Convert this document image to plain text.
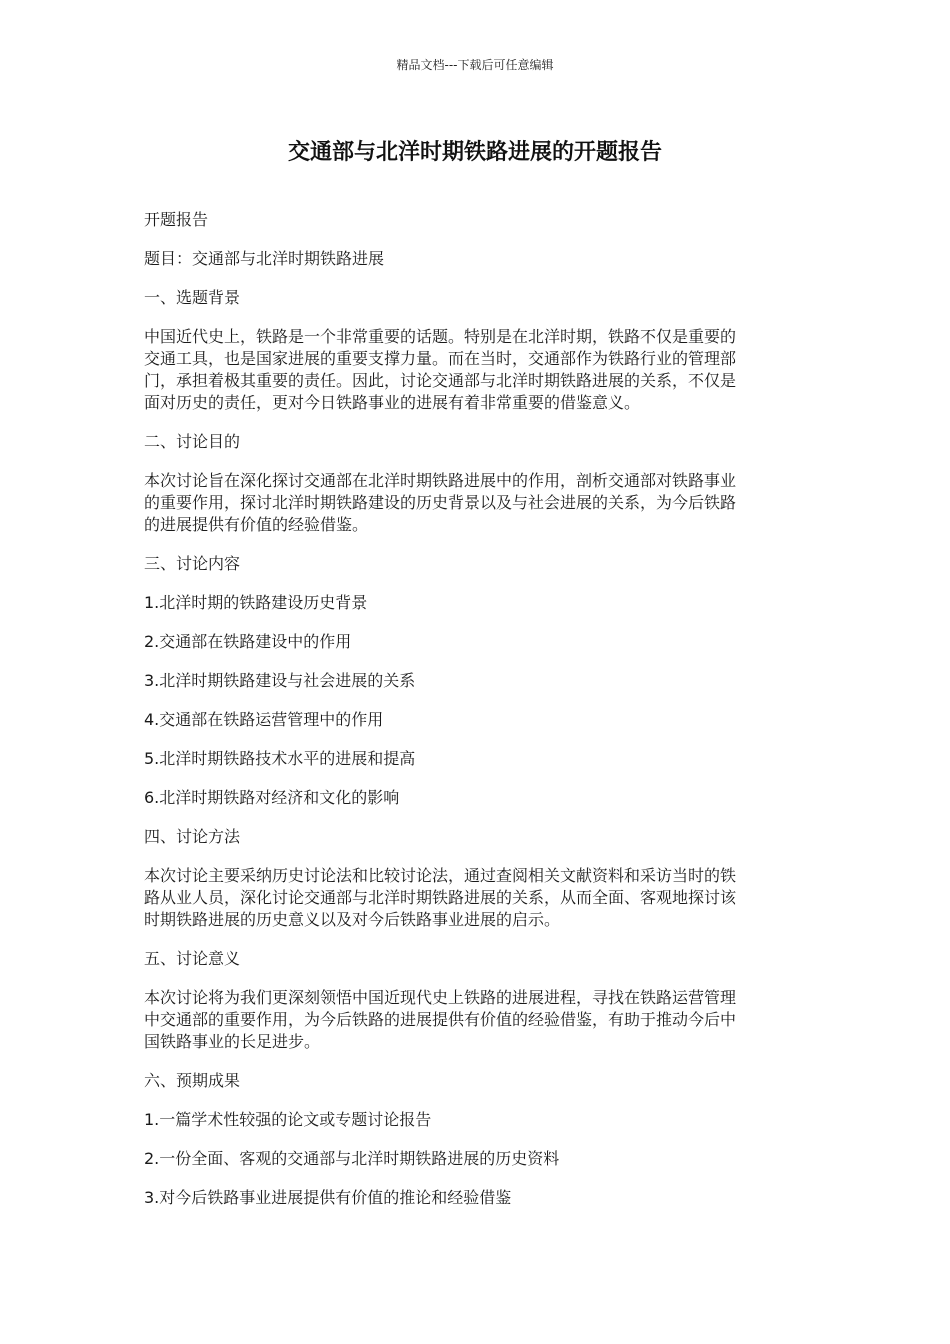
精品文档---下载后可任意编辑
交通部与北洋时期铁路进展的开题报告

开题报告

题目：交通部与北洋时期铁路进展

一、选题背景

中国近代史上，铁路是一个非常重要的话题。特别是在北洋时期，铁路不仅是重要的
交通工具，也是国家进展的重要支撑力量。而在当时，交通部作为铁路行业的管理部
门，承担着极其重要的责任。因此，讨论交通部与北洋时期铁路进展的关系，不仅是
面对历史的责任，更对今日铁路事业的进展有着非常重要的借鉴意义。

二、讨论目的

本次讨论旨在深化探讨交通部在北洋时期铁路进展中的作用，剖析交通部对铁路事业
的重要作用，探讨北洋时期铁路建设的历史背景以及与社会进展的关系，为今后铁路
的进展提供有价值的经验借鉴。

三、讨论内容

1.北洋时期的铁路建设历史背景

2.交通部在铁路建设中的作用

3.北洋时期铁路建设与社会进展的关系

4.交通部在铁路运营管理中的作用

5.北洋时期铁路技术水平的进展和提高

6.北洋时期铁路对经济和文化的影响

四、讨论方法

本次讨论主要采纳历史讨论法和比较讨论法，通过查阅相关文献资料和采访当时的铁
路从业人员，深化讨论交通部与北洋时期铁路进展的关系，从而全面、客观地探讨该
时期铁路进展的历史意义以及对今后铁路事业进展的启示。

五、讨论意义

本次讨论将为我们更深刻领悟中国近现代史上铁路的进展进程，寻找在铁路运营管理
中交通部的重要作用，为今后铁路的进展提供有价值的经验借鉴，有助于推动今后中
国铁路事业的长足进步。

六、预期成果

1.一篇学术性较强的论文或专题讨论报告

2.一份全面、客观的交通部与北洋时期铁路进展的历史资料

3.对今后铁路事业进展提供有价值的推论和经验借鉴
